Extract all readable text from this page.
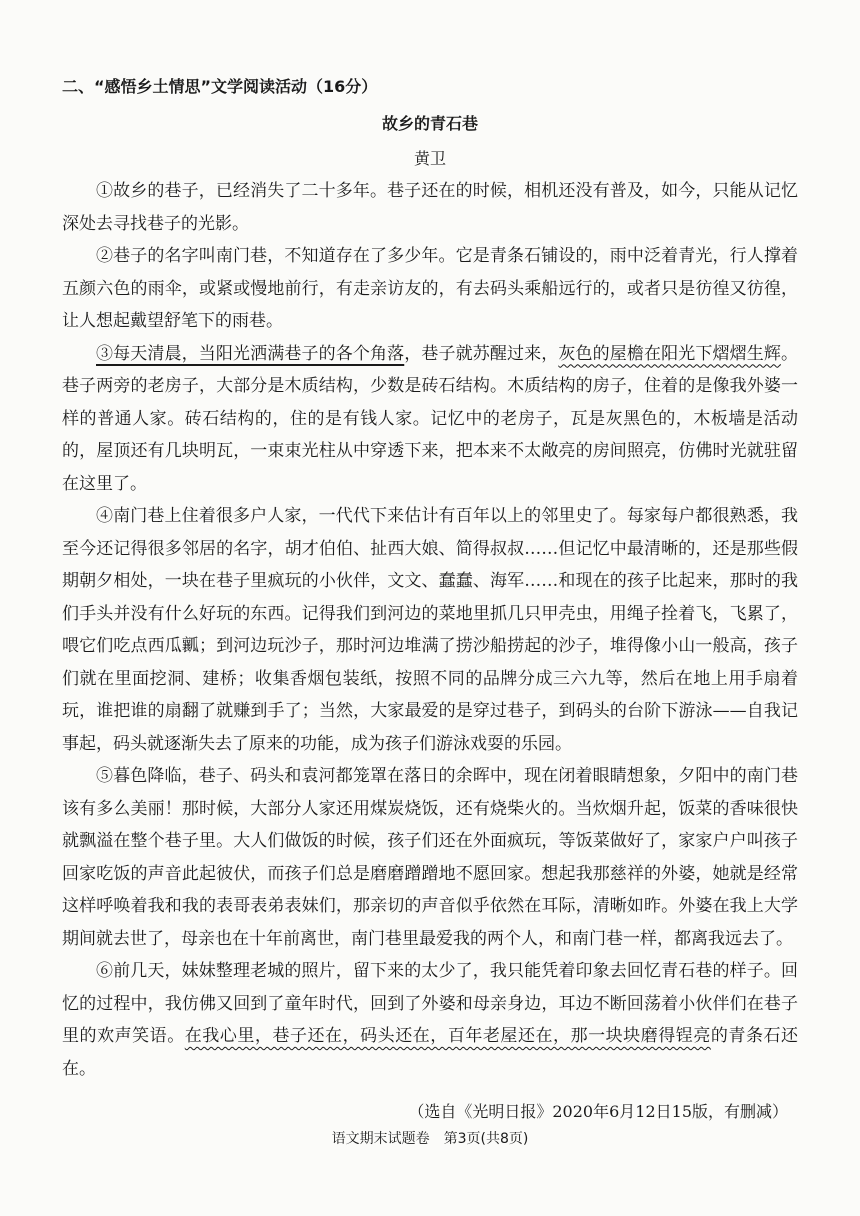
二、“感悟乡土情思”文学阅读活动（16分）
故乡的青石巷
黄卫

①故乡的巷子，已经消失了二十多年。巷子还在的时候，相机还没有普及，如今，只能从记忆深处去寻找巷子的光影。

②巷子的名字叫南门巷，不知道存在了多少年。它是青条石铺设的，雨中泛着青光，行人撑着五颜六色的雨伞，或紧或慢地前行，有走亲访友的，有去码头乘船远行的，或者只是彷徨又彷徨，让人想起戴望舒笔下的雨巷。

③每天清晨，当阳光洒满巷子的各个角落，巷子就苏醒过来，灰色的屋檐在阳光下熠熠生辉。巷子两旁的老房子，大部分是木质结构，少数是砖石结构。木质结构的房子，住着的是像我外婆一样的普通人家。砖石结构的，住的是有钱人家。记忆中的老房子，瓦是灰黑色的，木板墙是活动的，屋顶还有几块明瓦，一束束光柱从中穿透下来，把本来不太敞亮的房间照亮，仿佛时光就驻留在这里了。

④南门巷上住着很多户人家，一代代下来估计有百年以上的邻里史了。每家每户都很熟悉，我至今还记得很多邻居的名字，胡才伯伯、扯西大娘、简得叔叔……但记忆中最清晰的，还是那些假期朝夕相处，一块在巷子里疯玩的小伙伴，文文、蠢蠢、海军……和现在的孩子比起来，那时的我们手头并没有什么好玩的东西。记得我们到河边的菜地里抓几只甲壳虫，用绳子拴着飞，飞累了，喂它们吃点西瓜瓤；到河边玩沙子，那时河边堆满了捞沙船捞起的沙子，堆得像小山一般高，孩子们就在里面挖洞、建桥；收集香烟包装纸，按照不同的品牌分成三六九等，然后在地上用手扇着玩，谁把谁的扇翻了就赚到手了；当然，大家最爱的是穿过巷子，到码头的台阶下游泳——自我记事起，码头就逐渐失去了原来的功能，成为孩子们游泳戏耍的乐园。

⑤暮色降临，巷子、码头和袁河都笼罩在落日的余晖中，现在闭着眼睛想象，夕阳中的南门巷该有多么美丽！那时候，大部分人家还用煤炭烧饭，还有烧柴火的。当炊烟升起，饭菜的香味很快就飘溢在整个巷子里。大人们做饭的时候，孩子们还在外面疯玩，等饭菜做好了，家家户户叫孩子回家吃饭的声音此起彼伏，而孩子们总是磨磨蹭蹭地不愿回家。想起我那慈祥的外婆，她就是经常这样呼唤着我和我的表哥表弟表妹们，那亲切的声音似乎依然在耳际，清晰如昨。外婆在我上大学期间就去世了，母亲也在十年前离世，南门巷里最爱我的两个人，和南门巷一样，都离我远去了。

⑥前几天，妹妹整理老城的照片，留下来的太少了，我只能凭着印象去回忆青石巷的样子。回忆的过程中，我仿佛又回到了童年时代，回到了外婆和母亲身边，耳边不断回荡着小伙伴们在巷子里的欢声笑语。在我心里，巷子还在，码头还在，百年老屋还在，那一块块磨得锃亮的青条石还在。

（选自《光明日报》2020年6月12日15版，有删减）
语文期末试题卷　第3页(共8页)
